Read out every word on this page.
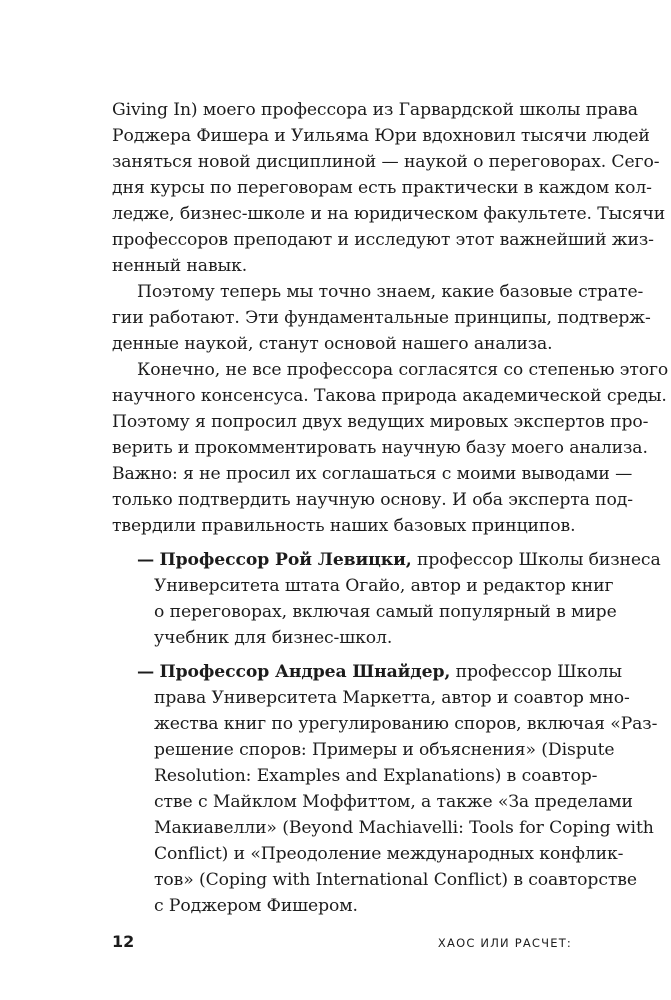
Giving In) моего профессора из Гарвардской школы права
Роджера Фишера и Уильяма Юри вдохновил тысячи людей
заняться новой дисциплиной — наукой о переговорах. Сего-
дня курсы по переговорам есть практически в каждом кол-
ледже, бизнес-школе и на юридическом факультете. Тысячи
профессоров преподают и исследуют этот важнейший жиз-
ненный навык.
Поэтому теперь мы точно знаем, какие базовые страте-
гии работают. Эти фундаментальные принципы, подтверж-
денные наукой, станут основой нашего анализа.
Конечно, не все профессора согласятся со степенью этого
научного консенсуса. Такова природа академической среды.
Поэтому я попросил двух ведущих мировых экспертов про-
верить и прокомментировать научную базу моего анализа.
Важно: я не просил их соглашаться с моими выводами —
только подтвердить научную основу. И оба эксперта под-
твердили правильность наших базовых принципов.
— Профессор Рой Левицки, профессор Школы бизнеса
Университета штата Огайо, автор и редактор книг
о переговорах, включая самый популярный в мире
учебник для бизнес-школ.
— Профессор Андреа Шнайдер, профессор Школы
права Университета Маркетта, автор и соавтор мно-
жества книг по урегулированию споров, включая «Раз-
решение споров: Примеры и объяснения» (Dispute
Resolution: Examples and Explanations) в соавтор-
стве с Майклом Моффиттом, а также «За пределами
Макиавелли» (Beyond Machiavelli: Tools for Coping with
Conflict) и «Преодоление международных конфлик-
тов» (Coping with International Conflict) в соавторстве
с Роджером Фишером.
12	ХАОС ИЛИ РАСЧЕТ:
